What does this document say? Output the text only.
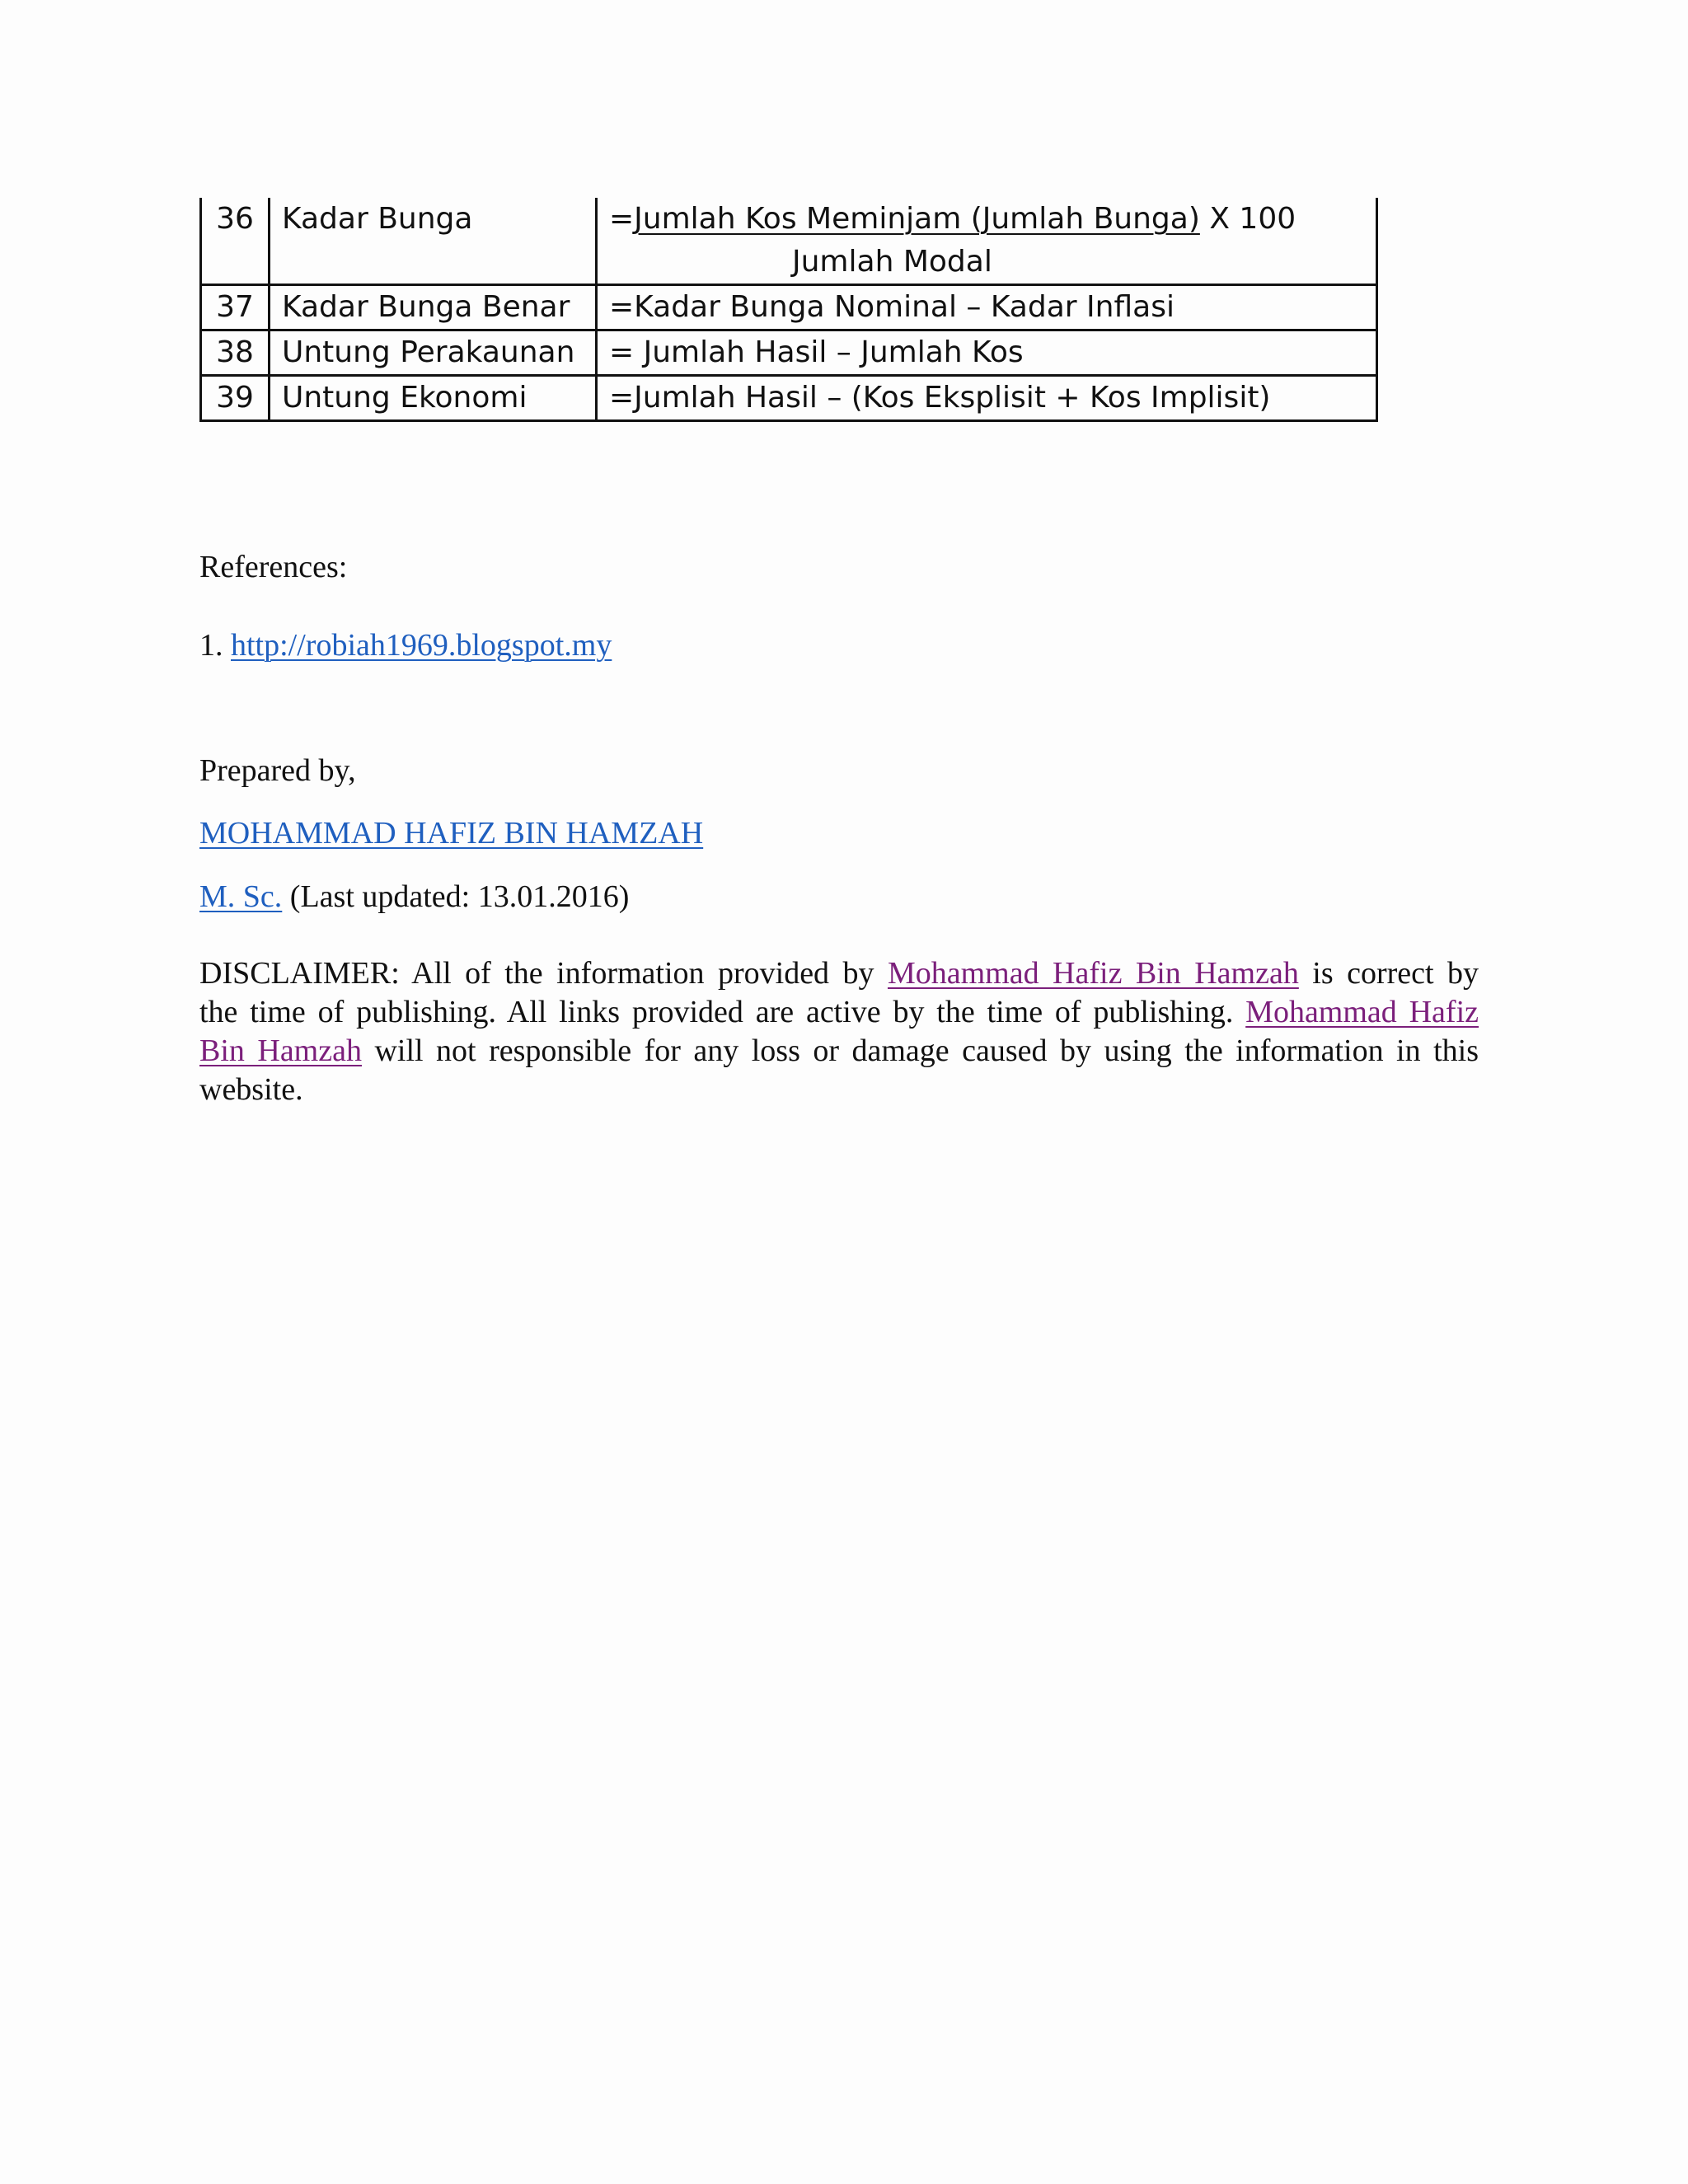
36	Kadar Bunga	=Jumlah Kos Meminjam (Jumlah Bunga) X 100
Jumlah Modal

37	Kadar Bunga Benar	=Kadar Bunga Nominal – Kadar Inflasi
38	Untung Perakaunan	= Jumlah Hasil – Jumlah Kos
39	Untung Ekonomi	=Jumlah Hasil – (Kos Eksplisit + Kos Implisit)
References:
1. http://robiah1969.blogspot.my
Prepared by,
MOHAMMAD HAFIZ BIN HAMZAH
M. Sc. (Last updated: 13.01.2016)
DISCLAIMER: All of the information provided by Mohammad Hafiz Bin Hamzah is correct by the time of publishing. All links provided are active by the time of publishing. Mohammad Hafiz Bin Hamzah will not responsible for any loss or damage caused by using the information in this website.
